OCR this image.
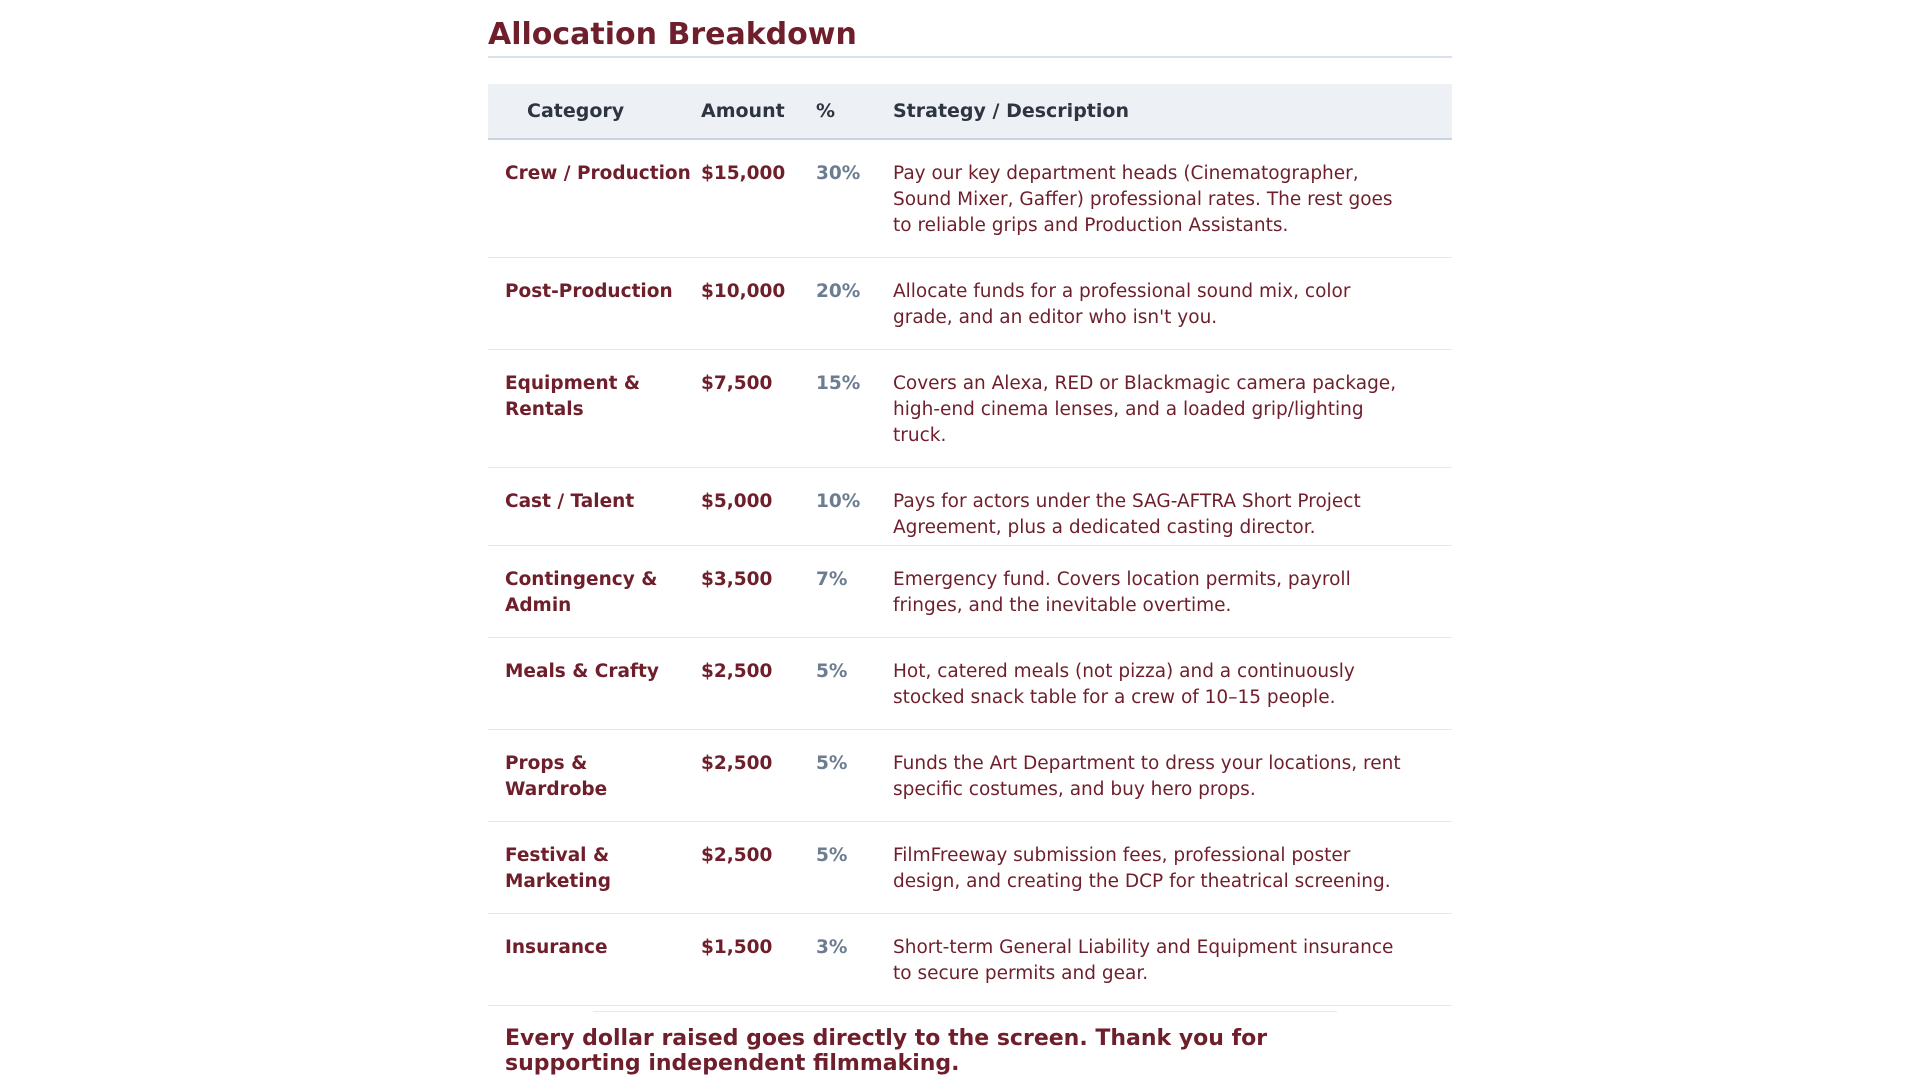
Allocation Breakdown
Category	Amount	%	Strategy / Description
Crew / Production	$15,000	30%	Pay our key department heads (Cinematographer, Sound Mixer, Gaffer) professional rates. The rest goes to reliable grips and Production Assistants.
Post-Production	$10,000	20%	Allocate funds for a professional sound mix, color grade, and an editor who isn't you.
Equipment & Rentals	$7,500	15%	Covers an Alexa, RED or Blackmagic camera package, high-end cinema lenses, and a loaded grip/lighting truck.
Cast / Talent	$5,000	10%	Pays for actors under the SAG-AFTRA Short Project Agreement, plus a dedicated casting director.
Contingency & Admin	$3,500	7%	Emergency fund. Covers location permits, payroll fringes, and the inevitable overtime.
Meals & Crafty	$2,500	5%	Hot, catered meals (not pizza) and a continuously stocked snack table for a crew of 10–15 people.
Props & Wardrobe	$2,500	5%	Funds the Art Department to dress your locations, rent specific costumes, and buy hero props.
Festival & Marketing	$2,500	5%	FilmFreeway submission fees, professional poster design, and creating the DCP for theatrical screening.
Insurance	$1,500	3%	Short-term General Liability and Equipment insurance to secure permits and gear.

Every dollar raised goes directly to the screen. Thank you for supporting independent filmmaking.
